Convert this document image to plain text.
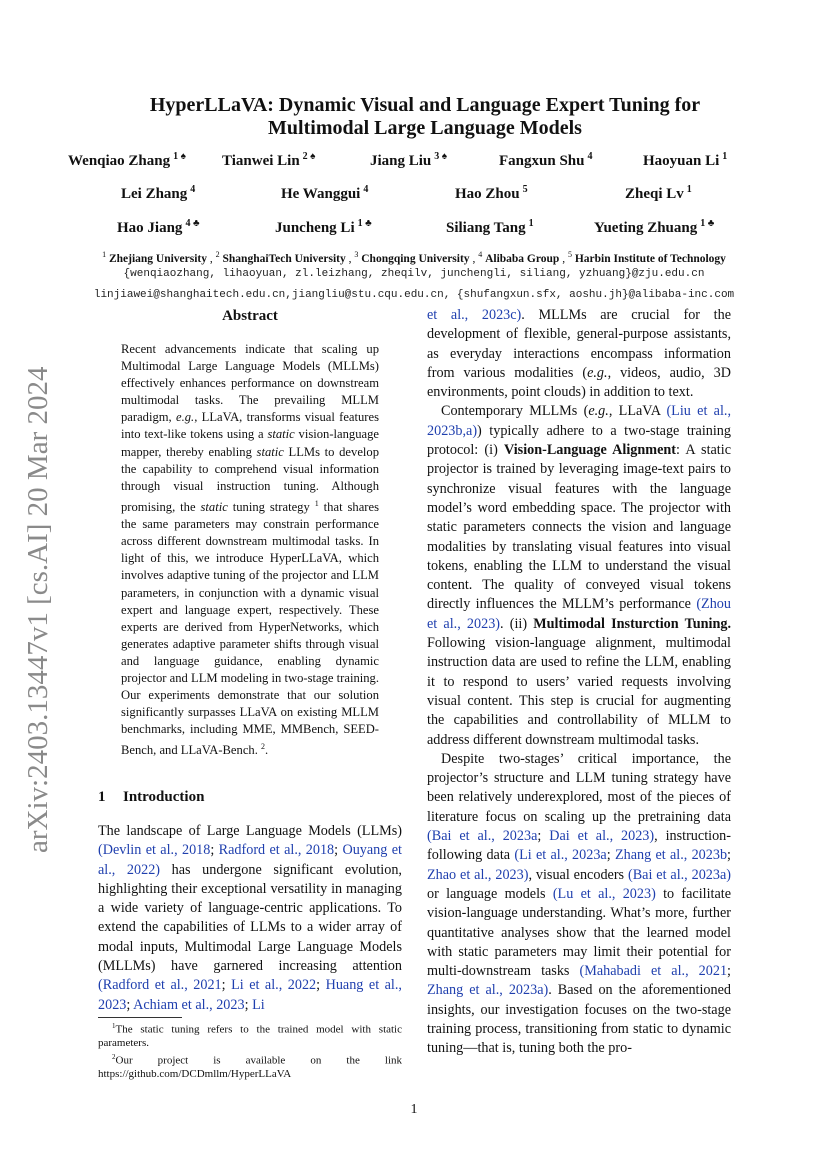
arXiv:2403.13447v1 [cs.AI] 20 Mar 2024
HyperLLaVA: Dynamic Visual and Language Expert Tuning for
Multimodal Large Language Models
Wenqiao Zhang $^{1 ♠}$ Tianwei Lin $^{2 ♠}$	Jiang Liu $^{3 ♠}$	Fangxun Shu $^4$	Haoyuan Li $^1$
Lei Zhang $^4$	He Wanggui $^4$	Hao Zhou $^5$	Zheqi Lv $^1$
Hao Jiang $^{4 ♣}$	Juncheng Li $^{1 ♣}$	Siliang Tang $^1$	Yueting Zhuang $^{1 ♣}$
$^1$ Zhejiang University , $^2$ ShanghaiTech University , $^3$ Chongqing University , $^4$ Alibaba Group , $^5$ Harbin Institute of Technology
{wenqiaozhang, lihaoyuan, zl.leizhang, zheqilv, junchengli, siliang, yzhuang}@zju.edu.cn
linjiawei@shanghaitech.edu.cn,jiangliu@stu.cqu.edu.cn, {shufangxun.sfx, aoshu.jh}@alibaba-inc.com
Abstract
Recent advancements indicate that scaling up Multimodal Large Language Models (MLLMs) effectively enhances performance on downstream multimodal tasks. The prevailing MLLM paradigm, e.g., LLaVA, transforms visual features into text-like tokens using a static vision-language mapper, thereby enabling static LLMs to develop the capability to comprehend visual information through visual instruction tuning. Although promising, the static tuning strategy $^1$ that shares the same parameters may constrain performance across different downstream multimodal tasks. In light of this, we introduce HyperLLaVA, which involves adaptive tuning of the projector and LLM parameters, in conjunction with a dynamic visual expert and language expert, respectively. These experts are derived from HyperNetworks, which generates adaptive parameter shifts through visual and language guidance, enabling dynamic projector and LLM modeling in two-stage training. Our experiments demonstrate that our solution significantly surpasses LLaVA on existing MLLM benchmarks, including MME, MMBench, SEED-Bench, and LLaVA-Bench. $^2$.
1 Introduction
The landscape of Large Language Models (LLMs) (Devlin et al., 2018; Radford et al., 2018; Ouyang et al., 2022) has undergone significant evolution, highlighting their exceptional versatility in managing a wide variety of language-centric applications. To extend the capabilities of LLMs to a wider array of modal inputs, Multimodal Large Language Models (MLLMs) have garnered increasing attention (Radford et al., 2021; Li et al., 2022; Huang et al., 2023; Achiam et al., 2023; Li

$^1$The static tuning refers to the trained model with static parameters.

$^2$Our project is available on the link https://github.com/DCDmllm/HyperLLaVA

et al., 2023c). MLLMs are crucial for the development of flexible, general-purpose assistants, as everyday interactions encompass information from various modalities (e.g., videos, audio, 3D environments, point clouds) in addition to text.

Contemporary MLLMs (e.g., LLaVA (Liu et al., 2023b,a)) typically adhere to a two-stage training protocol: (i) Vision-Language Alignment: A static projector is trained by leveraging image-text pairs to synchronize visual features with the language model’s word embedding space. The projector with static parameters connects the vision and language modalities by translating visual features into visual tokens, enabling the LLM to understand the visual content. The quality of conveyed visual tokens directly influences the MLLM’s performance (Zhou et al., 2023). (ii) Multimodal Insturction Tuning. Following vision-language alignment, multimodal instruction data are used to refine the LLM, enabling it to respond to users’ varied requests involving visual content. This step is crucial for augmenting the capabilities and controllability of MLLM to address different downstream multimodal tasks.

Despite two-stages’ critical importance, the projector’s structure and LLM tuning strategy have been relatively underexplored, most of the pieces of literature focus on scaling up the pretraining data (Bai et al., 2023a; Dai et al., 2023), instruction-following data (Li et al., 2023a; Zhang et al., 2023b; Zhao et al., 2023), visual encoders (Bai et al., 2023a) or language models (Lu et al., 2023) to facilitate vision-language understanding. What’s more, further quantitative analyses show that the learned model with static parameters may limit their potential for multi-downstream tasks (Mahabadi et al., 2021; Zhang et al., 2023a). Based on the aforementioned insights, our investigation focuses on the two-stage training process, transitioning from static to dynamic tuning—that is, tuning both the pro-

1
